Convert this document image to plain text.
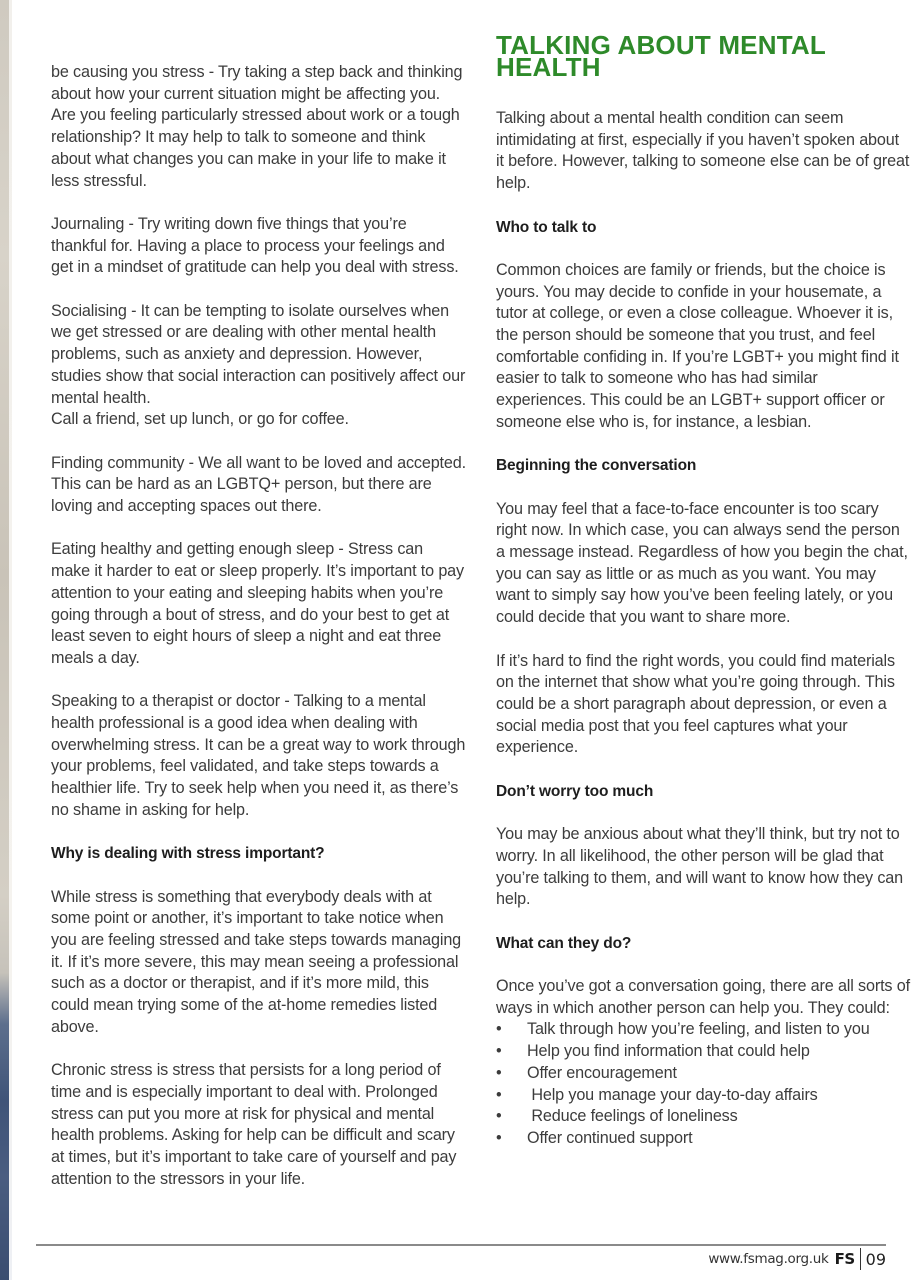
be causing you stress - Try taking a step back and thinking about how your current situation might be affecting you. Are you feeling particularly stressed about work or a tough relationship? It may help to talk to someone and think about what changes you can make in your life to make it less stressful.

Journaling - Try writing down five things that you’re thankful for. Having a place to process your feelings and get in a mindset of gratitude can help you deal with stress.

Socialising - It can be tempting to isolate ourselves when we get stressed or are dealing with other mental health problems, such as anxiety and depression. However, studies show that social interaction can positively affect our mental health.

Call a friend, set up lunch, or go for coffee.

Finding community - We all want to be loved and accepted. This can be hard as an LGBTQ+ person, but there are loving and accepting spaces out there.

Eating healthy and getting enough sleep - Stress can make it harder to eat or sleep properly. It’s important to pay attention to your eating and sleeping habits when you’re going through a bout of stress, and do your best to get at least seven to eight hours of sleep a night and eat three meals a day.

Speaking to a therapist or doctor - Talking to a mental health professional is a good idea when dealing with overwhelming stress. It can be a great way to work through your problems, feel validated, and take steps towards a healthier life. Try to seek help when you need it, as there’s no shame in asking for help.

Why is dealing with stress important?

While stress is something that everybody deals with at some point or another, it’s important to take notice when you are feeling stressed and take steps towards managing it. If it’s more severe, this may mean seeing a professional such as a doctor or therapist, and if it’s more mild, this could mean trying some of the at-home remedies listed above.

Chronic stress is stress that persists for a long period of time and is especially important to deal with. Prolonged stress can put you more at risk for physical and mental health problems. Asking for help can be difficult and scary at times, but it’s important to take care of yourself and pay attention to the stressors in your life.

TALKING ABOUT MENTAL
HEALTH

Talking about a mental health condition can seem intimidating at first, especially if you haven’t spoken about it before. However, talking to someone else can be of great help.

Who to talk to

Common choices are family or friends, but the choice is yours. You may decide to confide in your housemate, a tutor at college, or even a close colleague. Whoever it is, the person should be someone that you trust, and feel comfortable confiding in. If you’re LGBT+ you might find it easier to talk to someone who has had similar experiences. This could be an LGBT+ support officer or someone else who is, for instance, a lesbian.

Beginning the conversation

You may feel that a face-to-face encounter is too scary right now. In which case, you can always send the person a message instead. Regardless of how you begin the chat, you can say as little or as much as you want. You may want to simply say how you’ve been feeling lately, or you could decide that you want to share more.

If it’s hard to find the right words, you could find materials on the internet that show what you’re going through. This could be a short paragraph about depression, or even a social media post that you feel captures what your experience.

Don’t worry too much

You may be anxious about what they’ll think, but try not to worry. In all likelihood, the other person will be glad that you’re talking to them, and will want to know how they can help.

What can they do?

Once you’ve got a conversation going, there are all sorts of ways in which another person can help you. They could:

• Talk through how you’re feeling, and listen to you
• Help you find information that could help
• Offer encouragement
• Help you manage your day-to-day affairs
• Reduce feelings of loneliness
• Offer continued support
www.fsmag.org.uk FS 09
